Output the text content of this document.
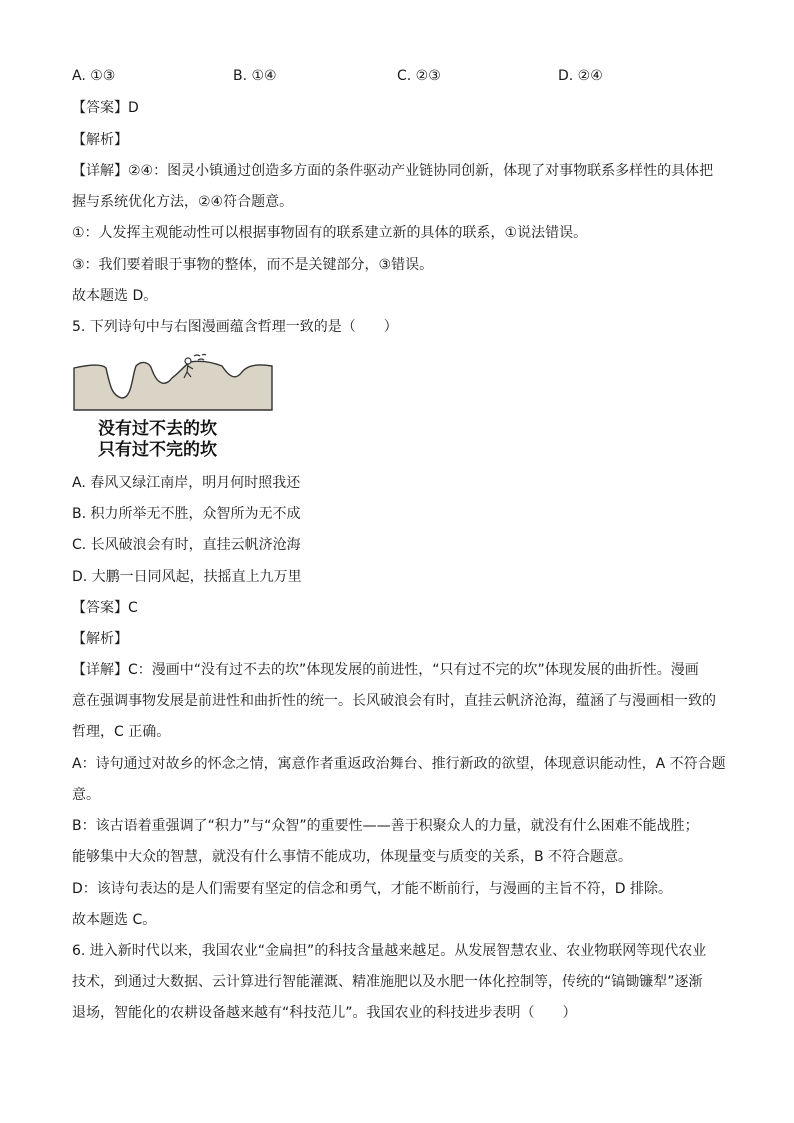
A. ①③	B. ①④	C. ②③	D. ②④
【答案】D
【解析】
【详解】②④：图灵小镇通过创造多方面的条件驱动产业链协同创新，体现了对事物联系多样性的具体把
握与系统优化方法，②④符合题意。
①：人发挥主观能动性可以根据事物固有的联系建立新的具体的联系，①说法错误。
③：我们要着眼于事物的整体，而不是关键部分，③错误。
故本题选 D。
5. 下列诗句中与右图漫画蕴含哲理一致的是（　　）
没有过不去的坎
只有过不完的坎
A. 春风又绿江南岸，明月何时照我还
B. 积力所举无不胜，众智所为无不成
C. 长风破浪会有时，直挂云帆济沧海
D. 大鹏一日同风起，扶摇直上九万里
【答案】C
【解析】
【详解】C：漫画中“没有过不去的坎”体现发展的前进性，“只有过不完的坎”体现发展的曲折性。漫画
意在强调事物发展是前进性和曲折性的统一。长风破浪会有时，直挂云帆济沧海，蕴涵了与漫画相一致的
哲理，C 正确。
A：诗句通过对故乡的怀念之情，寓意作者重返政治舞台、推行新政的欲望，体现意识能动性，A 不符合题
意。
B：该古语着重强调了“积力”与“众智”的重要性——善于积聚众人的力量，就没有什么困难不能战胜；
能够集中大众的智慧，就没有什么事情不能成功，体现量变与质变的关系，B 不符合题意。
D：该诗句表达的是人们需要有坚定的信念和勇气，才能不断前行，与漫画的主旨不符，D 排除。
故本题选 C。
6. 进入新时代以来，我国农业“金扁担”的科技含量越来越足。从发展智慧农业、农业物联网等现代农业
技术，到通过大数据、云计算进行智能灌溉、精准施肥以及水肥一体化控制等，传统的“镐锄镰犁”逐渐
退场，智能化的农耕设备越来越有“科技范儿”。我国农业的科技进步表明（　　）
